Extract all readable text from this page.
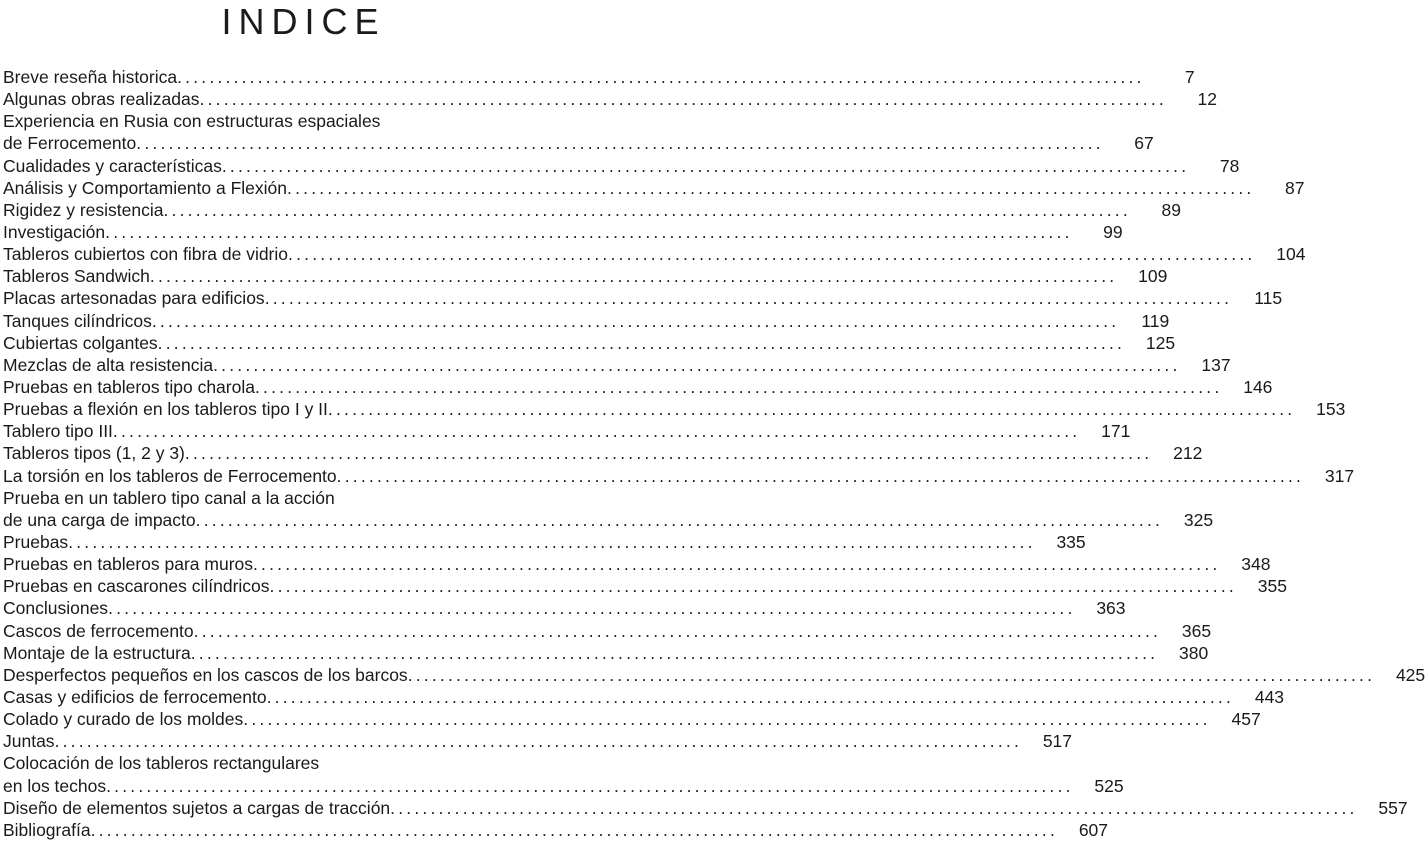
INDICE
Breve reseña historica ........................................................................................................................	7
Algunas obras realizadas ........................................................................................................................	12
Experiencia en Rusia con estructuras espaciales
de Ferrocemento ........................................................................................................................	67
Cualidades y características ........................................................................................................................	78
Análisis y Comportamiento a Flexión ........................................................................................................................	87
Rigidez y resistencia ........................................................................................................................	89
Investigación ........................................................................................................................	99
Tableros cubiertos con fibra de vidrio ........................................................................................................................ 104
Tableros Sandwich ........................................................................................................................ 109
Placas artesonadas para edificios ........................................................................................................................ 115
Tanques cilíndricos ........................................................................................................................ 119
Cubiertas colgantes ........................................................................................................................ 125
Mezclas de alta resistencia ........................................................................................................................ 137
Pruebas en tableros tipo charola ........................................................................................................................ 146
Pruebas a flexión en los tableros tipo I y II ........................................................................................................................ 153
Tablero tipo III ........................................................................................................................ 171
Tableros tipos (1, 2 y 3) ........................................................................................................................ 212
La torsión en los tableros de Ferrocemento ........................................................................................................................ 317
Prueba en un tablero tipo canal a la acción
de una carga de impacto ........................................................................................................................ 325
Pruebas ........................................................................................................................ 335
Pruebas en tableros para muros ........................................................................................................................ 348
Pruebas en cascarones cilíndricos ........................................................................................................................ 355
Conclusiones ........................................................................................................................ 363
Cascos de ferrocemento ........................................................................................................................ 365
Montaje de la estructura ........................................................................................................................ 380
Desperfectos pequeños en los cascos de los barcos ........................................................................................................................ 425
Casas y edificios de ferrocemento ........................................................................................................................ 443
Colado y curado de los moldes ........................................................................................................................ 457
Juntas ........................................................................................................................ 517
Colocación de los tableros rectangulares
en los techos ........................................................................................................................ 525
Diseño de elementos sujetos a cargas de tracción ........................................................................................................................ 557
Bibliografía ........................................................................................................................ 607
